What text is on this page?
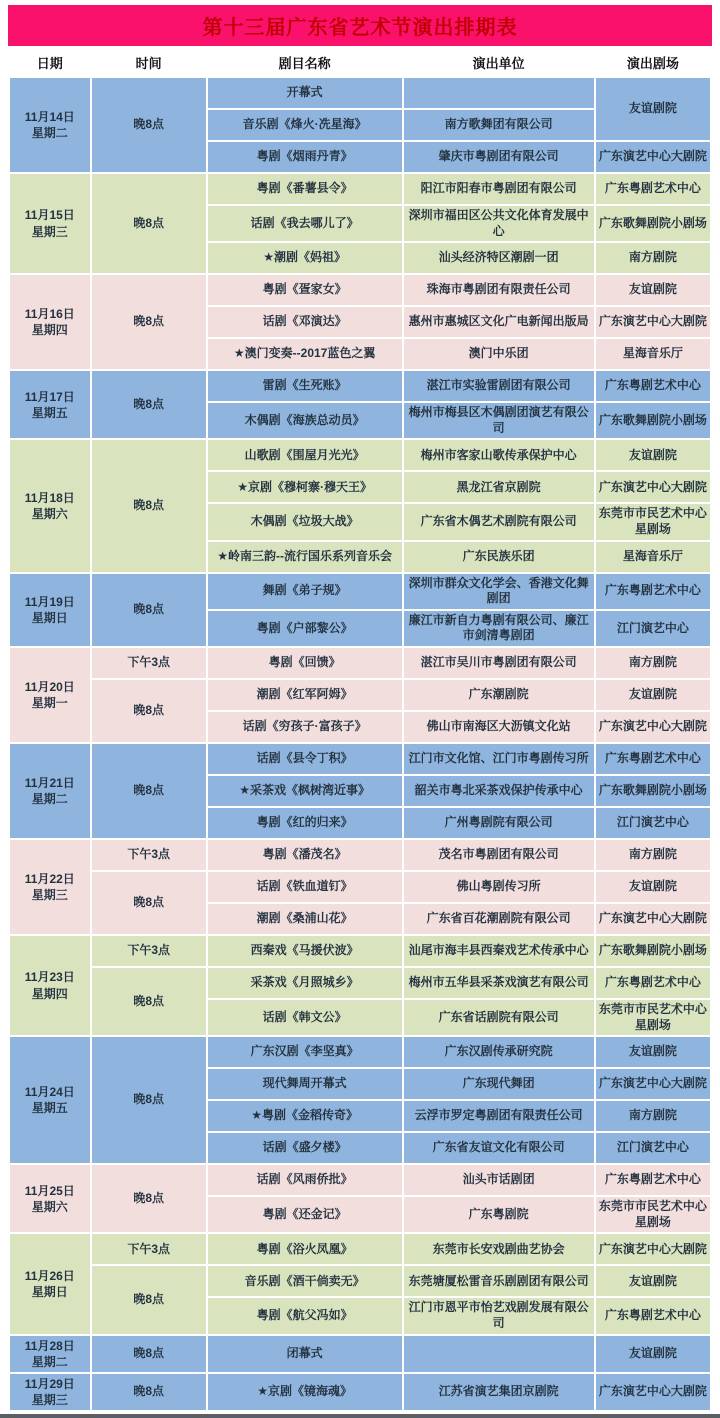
第十三届广东省艺术节演出排期表
日期	时间	剧目名称	演出单位	演出剧场

11月14日
星期二	晚8点	开幕式		友谊剧院
		音乐剧《烽火·冼星海》	南方歌舞团有限公司	
		粤剧《烟雨丹青》	肇庆市粤剧团有限公司	广东演艺中心大剧院

11月15日
星期三	晚8点	粤剧《番薯县令》	阳江市阳春市粤剧团有限公司	广东粤剧艺术中心
		话剧《我去哪儿了》	深圳市福田区公共文化体育发展中心	广东歌舞剧院小剧场
		★潮剧《妈祖》	汕头经济特区潮剧一团	南方剧院

11月16日
星期四	晚8点	粤剧《疍家女》	珠海市粤剧团有限责任公司	友谊剧院
		话剧《邓演达》	惠州市惠城区文化广电新闻出版局	广东演艺中心大剧院
		★澳门变奏--2017蓝色之翼	澳门中乐团	星海音乐厅

11月17日
星期五	晚8点	雷剧《生死账》	湛江市实验雷剧团有限公司	广东粤剧艺术中心
		木偶剧《海族总动员》	梅州市梅县区木偶剧团演艺有限公司	广东歌舞剧院小剧场

11月18日
星期六	晚8点	山歌剧《围屋月光光》	梅州市客家山歌传承保护中心	友谊剧院
		★京剧《穆柯寨·穆天王》	黑龙江省京剧院	广东演艺中心大剧院
		木偶剧《垃圾大战》	广东省木偶艺术剧院有限公司	东莞市市民艺术中心星剧场
		★岭南三韵--流行国乐系列音乐会	广东民族乐团	星海音乐厅

11月19日
星期日	晚8点	舞剧《弟子规》	深圳市群众文化学会、香港文化舞剧团	广东粤剧艺术中心
		粤剧《户部黎公》	廉江市新自力粤剧有限公司、廉江市剑清粤剧团	江门演艺中心

11月20日
星期一	下午3点	粤剧《回馈》	湛江市吴川市粤剧团有限公司	南方剧院
	晚8点	潮剧《红军阿姆》	广东潮剧院	友谊剧院
		话剧《穷孩子·富孩子》	佛山市南海区大沥镇文化站	广东演艺中心大剧院

11月21日
星期二	晚8点	话剧《县令丁积》	江门市文化馆、江门市粤剧传习所	广东粤剧艺术中心
		★采茶戏《枫树湾近事》	韶关市粤北采茶戏保护传承中心	广东歌舞剧院小剧场
		粤剧《红的归来》	广州粤剧院有限公司	江门演艺中心

11月22日
星期三	下午3点	粤剧《潘茂名》	茂名市粤剧团有限公司	南方剧院
	晚8点	话剧《铁血道钉》	佛山粤剧传习所	友谊剧院
		潮剧《桑浦山花》	广东省百花潮剧院有限公司	广东演艺中心大剧院

11月23日
星期四	下午3点	西秦戏《马援伏波》	汕尾市海丰县西秦戏艺术传承中心	广东歌舞剧院小剧场
	晚8点	采茶戏《月照城乡》	梅州市五华县采茶戏演艺有限公司	广东粤剧艺术中心
		话剧《韩文公》	广东省话剧院有限公司	东莞市市民艺术中心星剧场

11月24日
星期五	晚8点	广东汉剧《李坚真》	广东汉剧传承研究院	友谊剧院
		现代舞周开幕式	广东现代舞团	广东演艺中心大剧院
		★粤剧《金稻传奇》	云浮市罗定粤剧团有限责任公司	南方剧院
		话剧《盛夕楼》	广东省友谊文化有限公司	江门演艺中心

11月25日
星期六	晚8点	话剧《风雨侨批》	汕头市话剧团	广东粤剧艺术中心
		粤剧《还金记》	广东粤剧院	东莞市市民艺术中心星剧场

11月26日
星期日	下午3点	粤剧《浴火凤凰》	东莞市长安戏剧曲艺协会	广东演艺中心大剧院
	晚8点	音乐剧《酒干倘卖无》	东莞塘厦松雷音乐剧剧团有限公司	友谊剧院
		粤剧《航父冯如》	江门市恩平市怡艺戏剧发展有限公司	广东粤剧艺术中心

11月28日
星期二	晚8点	闭幕式		友谊剧院

11月29日
星期三	晚8点	★京剧《镜海魂》	江苏省演艺集团京剧院	广东演艺中心大剧院
